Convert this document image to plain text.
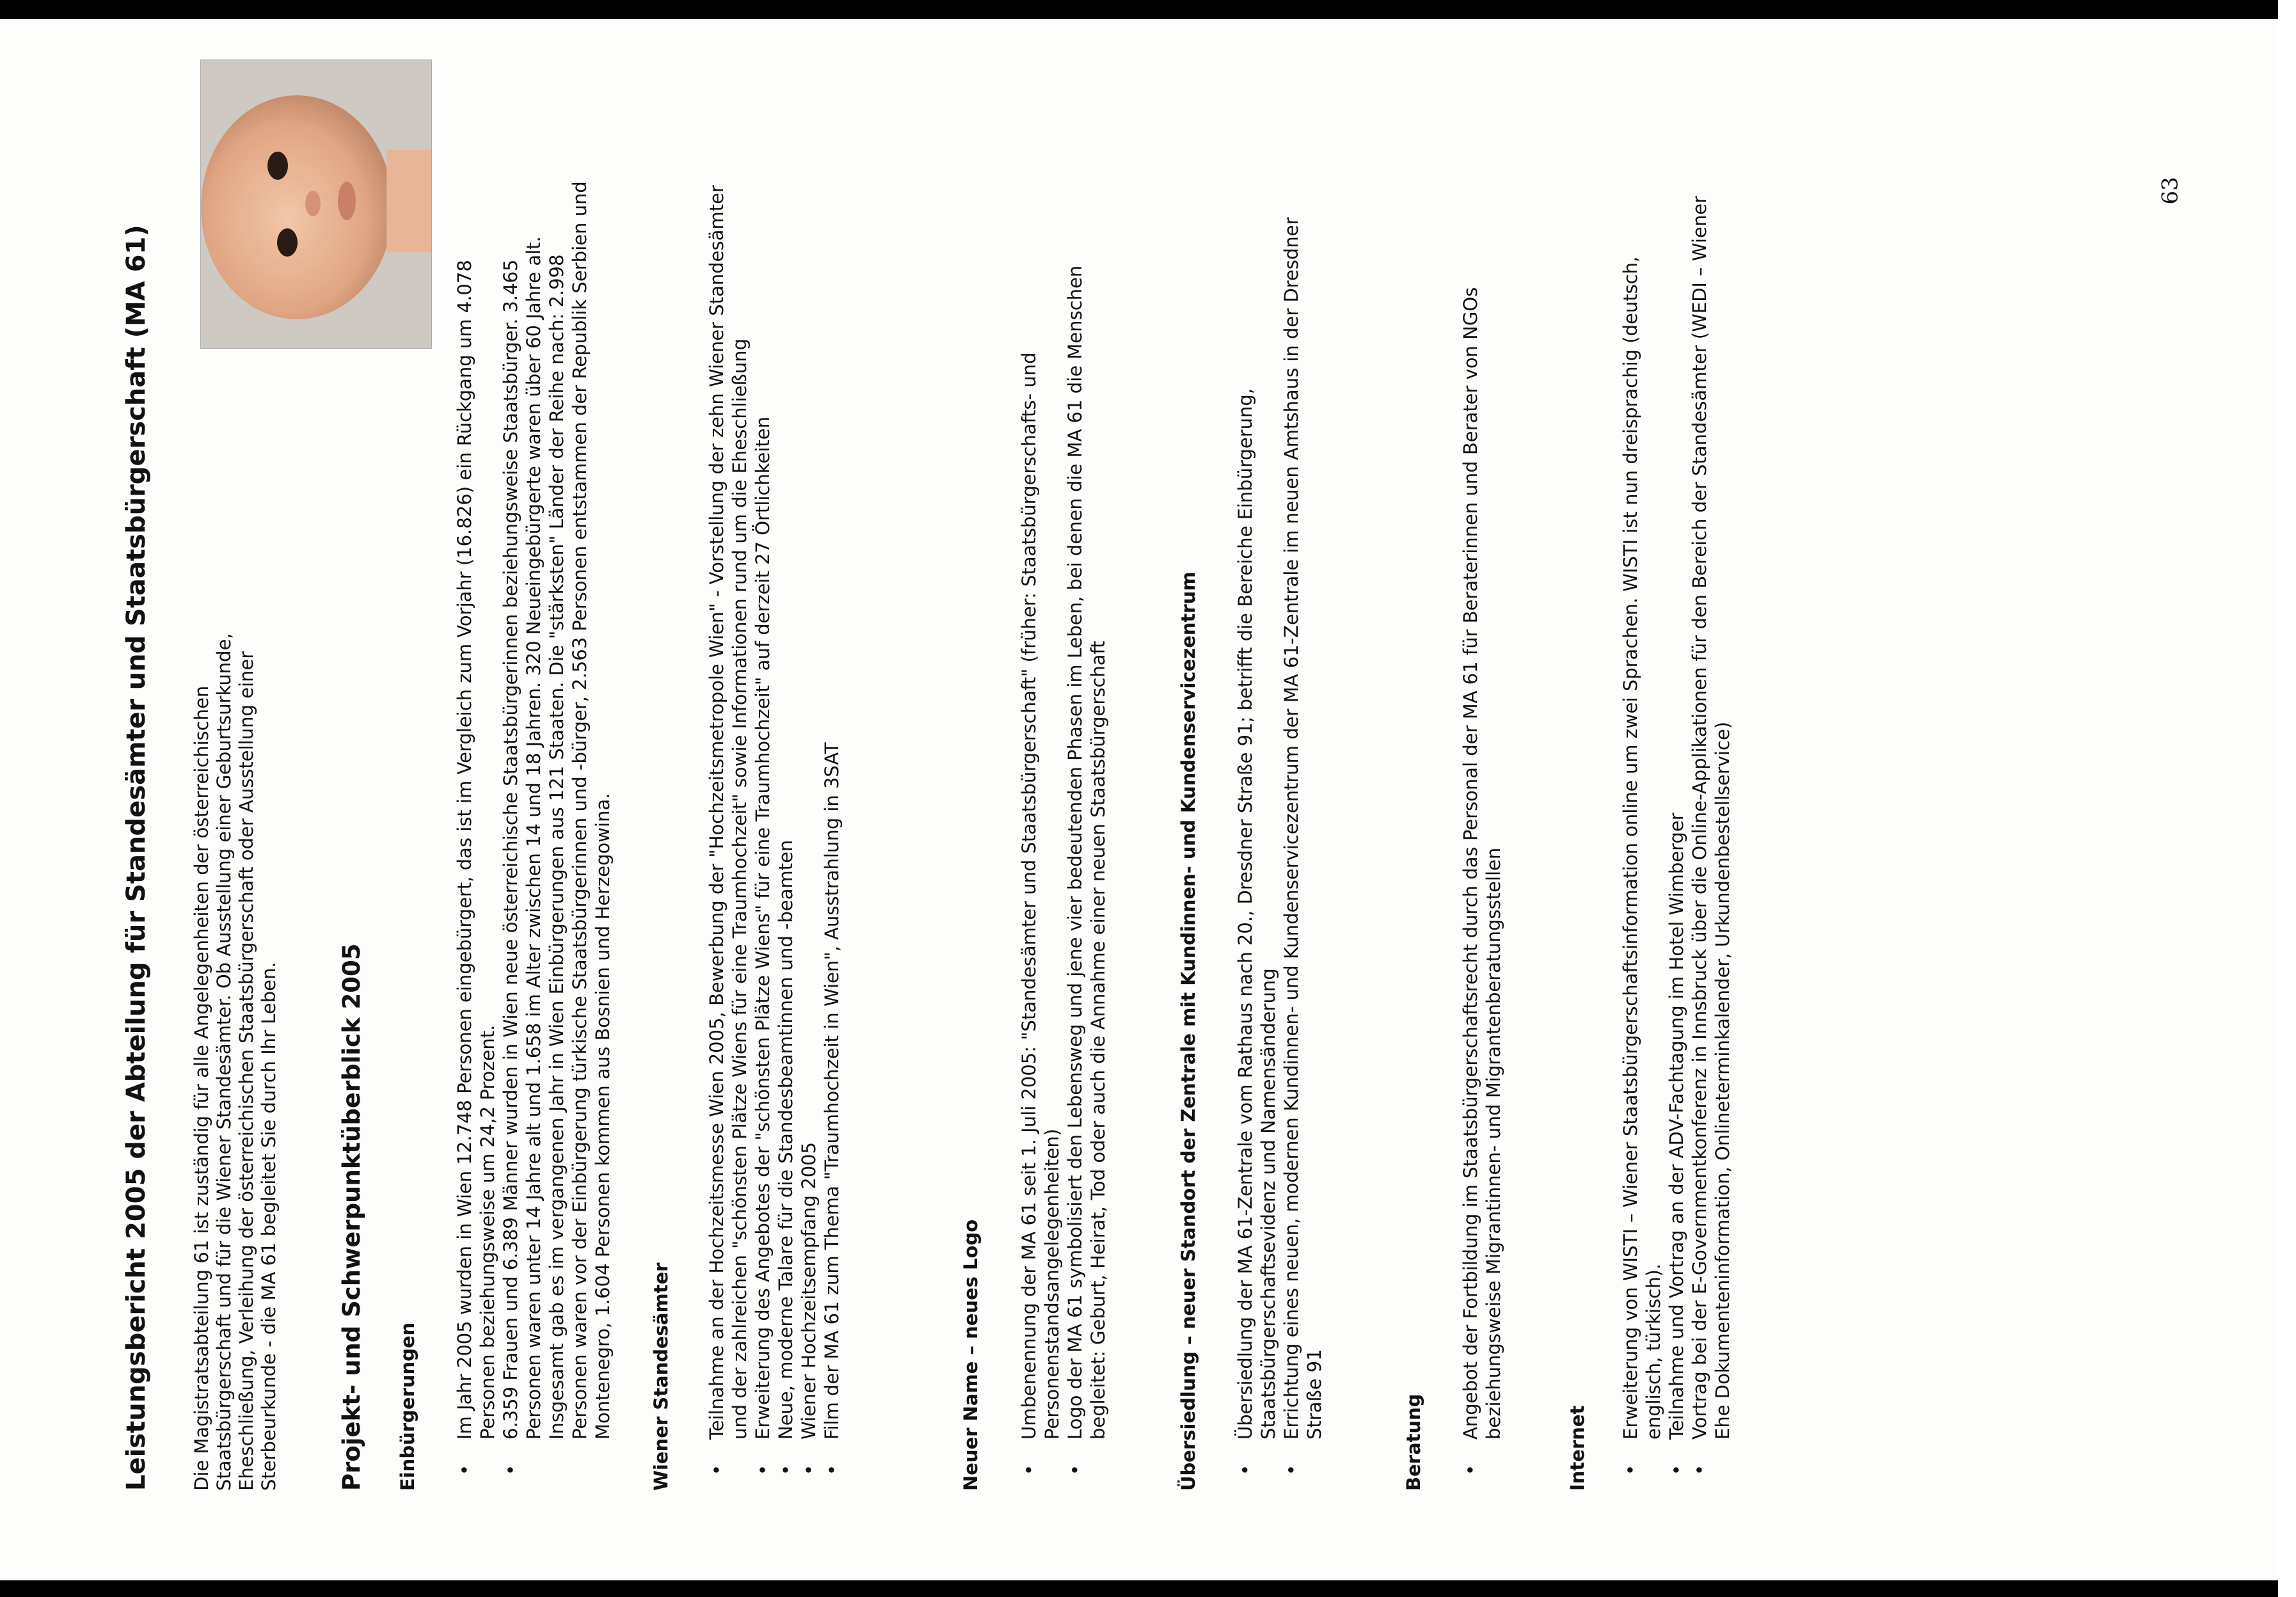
Leistungsbericht 2005 der Abteilung für Standesämter und Staatsbürgerschaft (MA 61) Die Magistratsabteilung 61 ist zuständig für alle Angelegenheiten der österreichischen Staatsbürgerschaft und für die Wiener Standesämter. Ob Ausstellung einer Geburtsurkunde, Eheschließung, Verleihung der österreichischen Staatsbürgerschaft oder Ausstellung einer Sterbeurkunde - die MA 61 begleitet Sie durch Ihr Leben. Projekt- und Schwerpunktüberblick 2005 Einbürgerungen • Im Jahr 2005 wurden in Wien 12.748 Personen eingebürgert, das ist im Vergleich zum Vorjahr (16.826) ein Rückgang um 4.078 Personen beziehungsweise um 24,2 Prozent. • 6.359 Frauen und 6.389 Männer wurden in Wien neue österreichische Staatsbürgerinnen beziehungsweise Staatsbürger. 3.465 Personen waren unter 14 Jahre alt und 1.658 im Alter zwischen 14 und 18 Jahren. 320 Neueingebürgerte waren über 60 Jahre alt. Insgesamt gab es im vergangenen Jahr in Wien Einbürgerungen aus 121 Staaten. Die "stärksten" Länder der Reihe nach: 2.998 Personen waren vor der Einbürgerung türkische Staatsbürgerinnen und -bürger, 2.563 Personen entstammen der Republik Serbien und Montenegro, 1.604 Personen kommen aus Bosnien und Herzegowina. Wiener Standesämter • Teilnahme an der Hochzeitsmesse Wien 2005, Bewerbung der "Hochzeitsmetropole Wien" - Vorstellung der zehn Wiener Standesämter und der zahlreichen "schönsten Plätze Wiens für eine Traumhochzeit" sowie Informationen rund um die Eheschließung • Erweiterung des Angebotes der "schönsten Plätze Wiens" für eine Traumhochzeit" auf derzeit 27 Örtlichkeiten • Neue, moderne Talare für die Standesbeamtinnen und -beamten • Wiener Hochzeitsempfang 2005 • Film der MA 61 zum Thema "Traumhochzeit in Wien", Ausstrahlung in 3SAT	Neuer Name – neues Logo • Umbenennung der MA 61 seit 1. Juli 2005: "Standesämter und Staatsbürgerschaft" (früher: Staatsbürgerschafts- und Personenstandsangelegenheiten) • Logo der MA 61 symbolisiert den Lebensweg und jene vier bedeutenden Phasen im Leben, bei denen die MA 61 die Menschen begleitet: Geburt, Heirat, Tod oder auch die Annahme einer neuen Staatsbürgerschaft	Übersiedlung – neuer Standort der Zentrale mit Kundinnen- und Kundenservicezentrum • Übersiedlung der MA 61-Zentrale vom Rathaus nach 20., Dresdner Straße 91; betrifft die Bereiche Einbürgerung, Staatsbürgerschaftsevidenz und Namensänderung • Errichtung eines neuen, modernen Kundinnen- und Kundenservicezentrum der MA 61-Zentrale im neuen Amtshaus in der Dresdner Straße 91	Beratung
• Angebot der Fortbildung im Staatsbürgerschaftsrecht durch das Personal der MA 61 für Beraterinnen und Berater von NGOs beziehungsweise Migrantinnen- und Migrantenberatungsstellen
Internet
• Erweiterung von WISTI – Wiener Staatsbürgerschaftsinformation online um zwei Sprachen. WISTI ist nun dreisprachig (deutsch, englisch, türkisch). • Teilnahme und Vortrag an der ADV-Fachtagung im Hotel Wimberger • Vortrag bei der E-Governmentkonferenz in Innsbruck über die Online-Applikationen für den Bereich der Standesämter (WEDI – Wiener Ehe Dokumenteninformation, Onlineterminkalender, Urkundenbestellservice)
63
